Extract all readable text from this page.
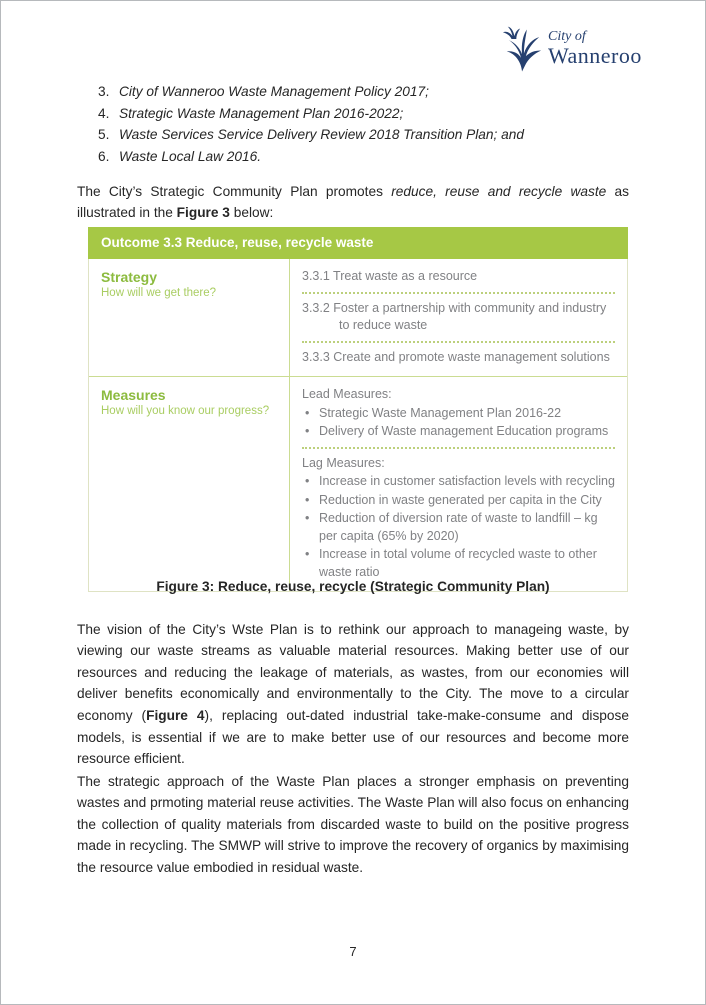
City of
Wanneroo
3. City of Wanneroo Waste Management Policy 2017;
4. Strategic Waste Management Plan 2016-2022;
5. Waste Services Service Delivery Review 2018 Transition Plan; and
6. Waste Local Law 2016.

The City’s Strategic Community Plan promotes reduce, reuse and recycle waste as illustrated in the Figure 3 below:

Outcome 3.3 Reduce, reuse, recycle waste
Strategy
How will we get there?
3.3.1 Treat waste as a resource
3.3.2 Foster a partnership with community and industry to reduce waste
3.3.3 Create and promote waste management solutions
Measures
How will you know our progress?
Lead Measures:
• Strategic Waste Management Plan 2016-22
• Delivery of Waste management Education programs
Lag Measures:
• Increase in customer satisfaction levels with recycling
• Reduction in waste generated per capita in the City
• Reduction of diversion rate of waste to landfill – kg per capita (65% by 2020)
• Increase in total volume of recycled waste to other waste ratio
Figure 3: Reduce, reuse, recycle (Strategic Community Plan)

The vision of the City’s Wste Plan is to rethink our approach to manageing waste, by viewing our waste streams as valuable material resources. Making better use of our resources and reducing the leakage of materials, as wastes, from our economies will deliver benefits economically and environmentally to the City. The move to a circular economy (Figure 4), replacing out-dated industrial take-make-consume and dispose models, is essential if we are to make better use of our resources and become more resource efficient.

The strategic approach of the Waste Plan places a stronger emphasis on preventing wastes and prmoting material reuse activities. The Waste Plan will also focus on enhancing the collection of quality materials from discarded waste to build on the positive progress made in recycling. The SMWP will strive to improve the recovery of organics by maximising the resource value embodied in residual waste.

7
